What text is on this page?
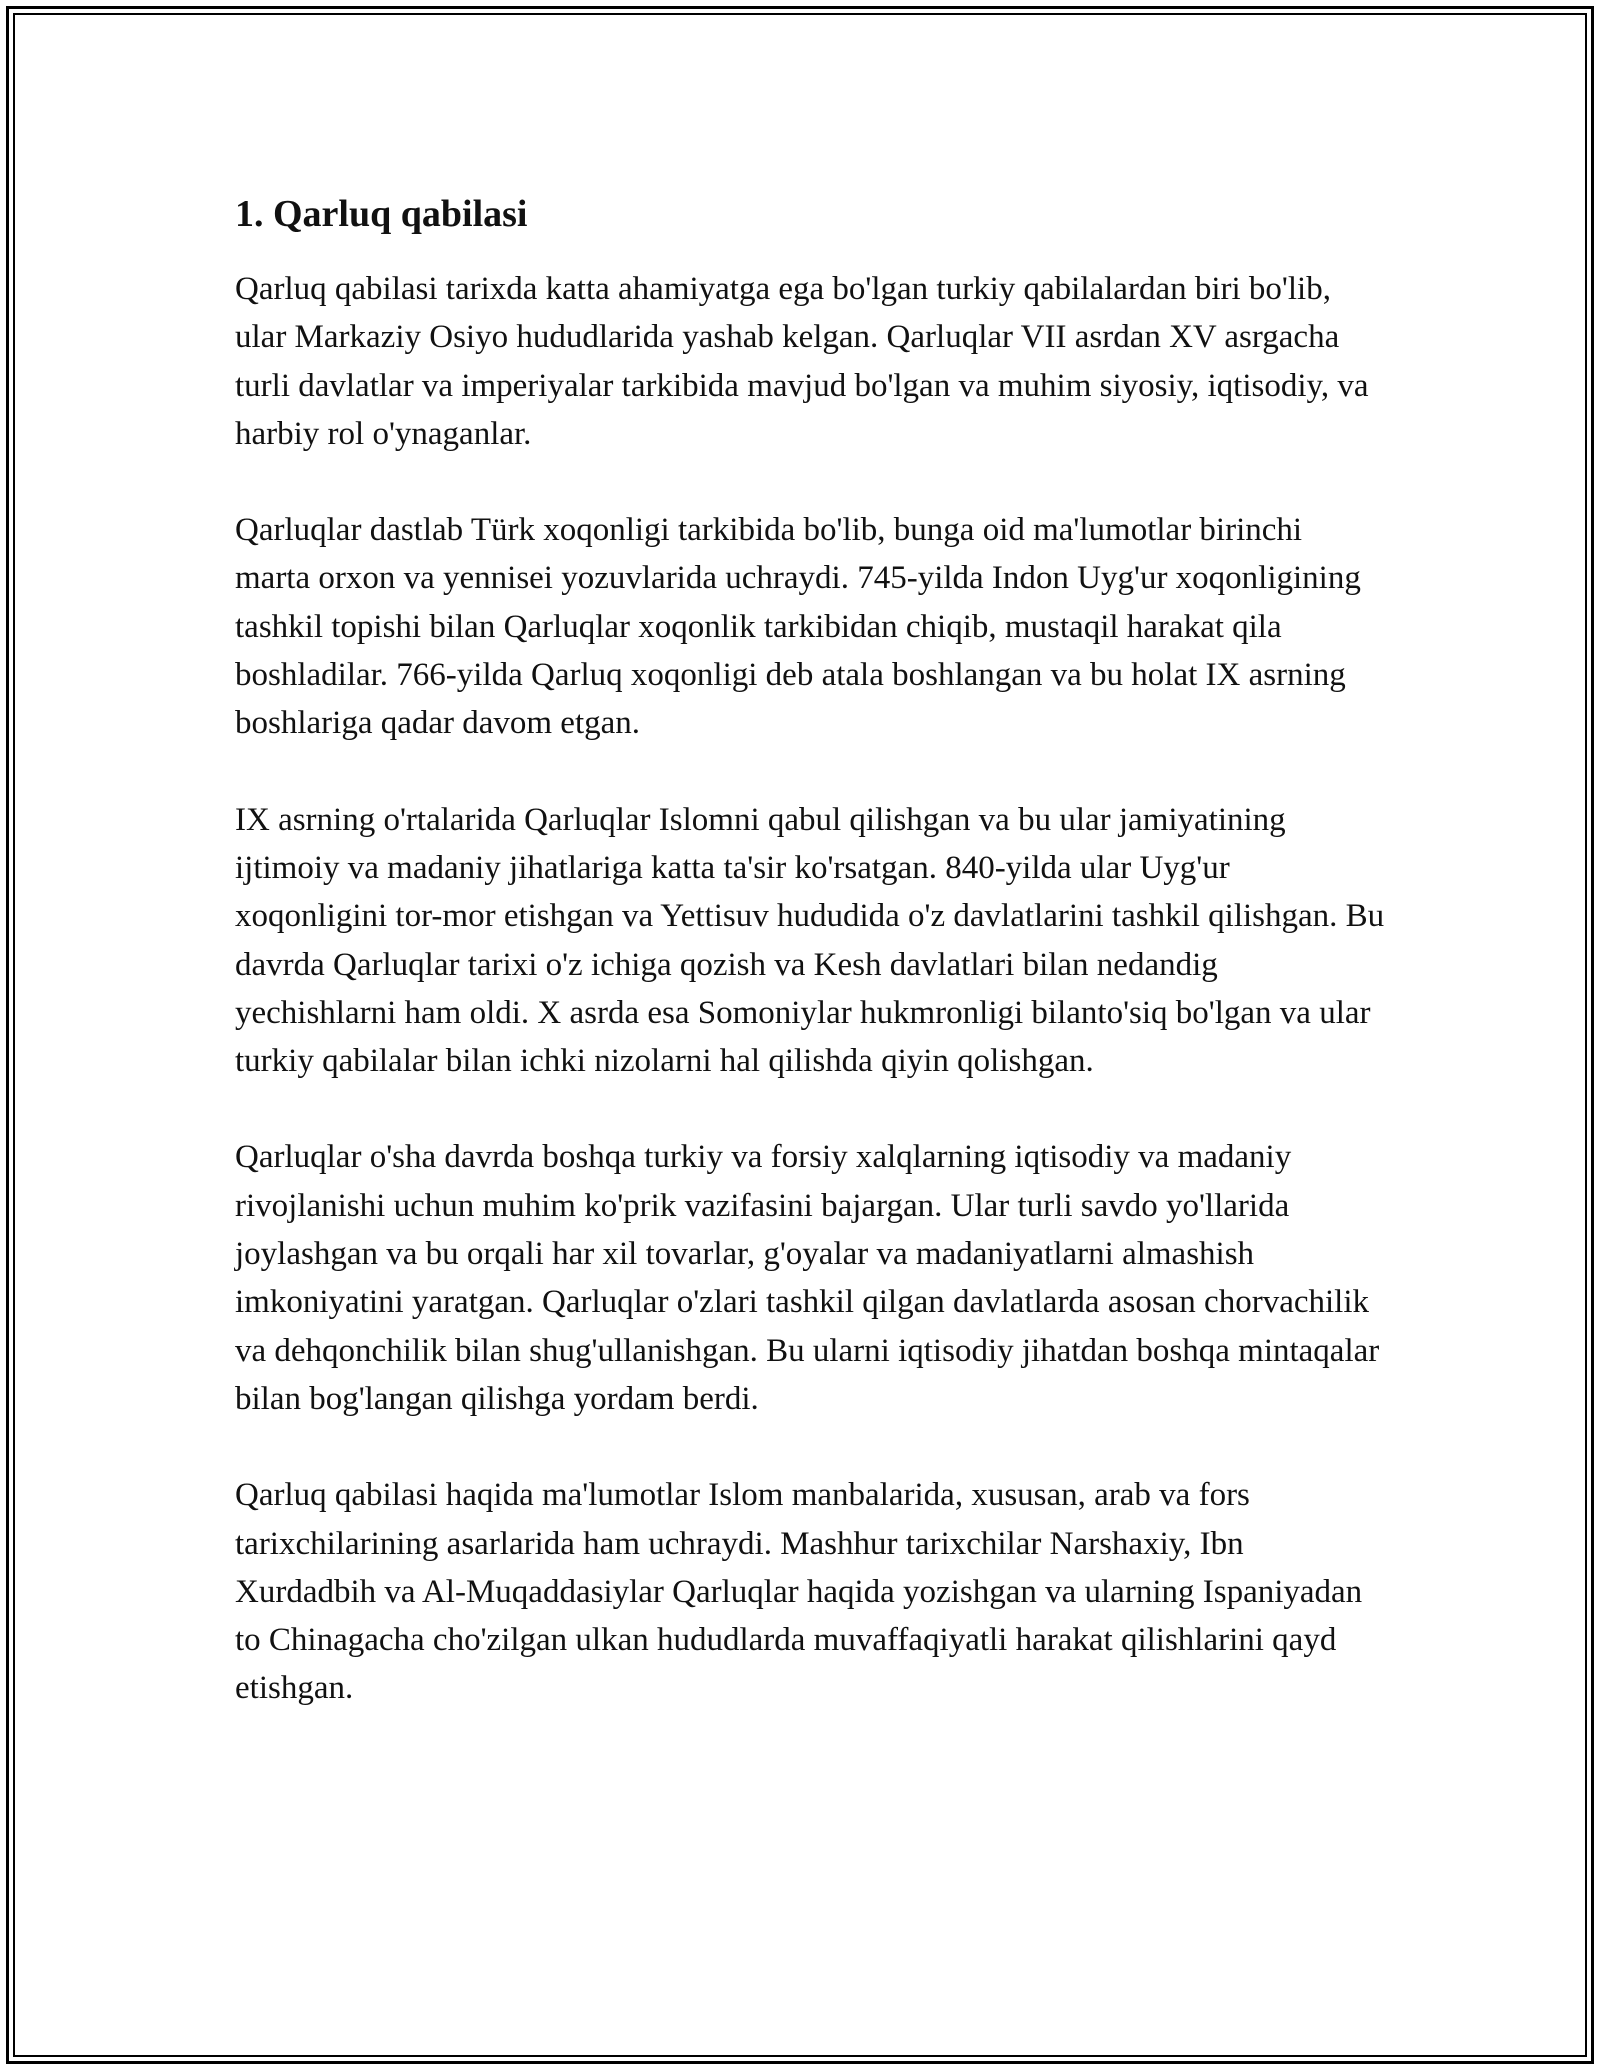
1. Qarluq qabilasi

Qarluq qabilasi tarixda katta ahamiyatga ega bo'lgan turkiy qabilalardan biri bo'lib, ular Markaziy Osiyo hududlarida yashab kelgan. Qarluqlar VII asrdan XV asrgacha turli davlatlar va imperiyalar tarkibida mavjud bo'lgan va muhim siyosiy, iqtisodiy, va harbiy rol o'ynaganlar.

Qarluqlar dastlab Türk xoqonligi tarkibida bo'lib, bunga oid ma'lumotlar birinchi marta orxon va yennisei yozuvlarida uchraydi. 745-yilda Indon Uyg'ur xoqonligining tashkil topishi bilan Qarluqlar xoqonlik tarkibidan chiqib, mustaqil harakat qila boshladilar. 766-yilda Qarluq xoqonligi deb atala boshlangan va bu holat IX asrning boshlariga qadar davom etgan.

IX asrning o'rtalarida Qarluqlar Islomni qabul qilishgan va bu ular jamiyatining ijtimoiy va madaniy jihatlariga katta ta'sir ko'rsatgan. 840-yilda ular Uyg'ur xoqonligini tor-mor etishgan va Yettisuv hududida o'z davlatlarini tashkil qilishgan. Bu davrda Qarluqlar tarixi o'z ichiga qozish va Kesh davlatlari bilan nedandig yechishlarni ham oldi. X asrda esa Somoniylar hukmronligi bilanto'siq bo'lgan va ular turkiy qabilalar bilan ichki nizolarni hal qilishda qiyin qolishgan.

Qarluqlar o'sha davrda boshqa turkiy va forsiy xalqlarning iqtisodiy va madaniy rivojlanishi uchun muhim ko'prik vazifasini bajargan. Ular turli savdo yo'llarida joylashgan va bu orqali har xil tovarlar, g'oyalar va madaniyatlarni almashish imkoniyatini yaratgan. Qarluqlar o'zlari tashkil qilgan davlatlarda asosan chorvachilik va dehqonchilik bilan shug'ullanishgan. Bu ularni iqtisodiy jihatdan boshqa mintaqalar bilan bog'langan qilishga yordam berdi.

Qarluq qabilasi haqida ma'lumotlar Islom manbalarida, xususan, arab va fors tarixchilarining asarlarida ham uchraydi. Mashhur tarixchilar Narshaxiy, Ibn Xurdadbih va Al-Muqaddasiylar Qarluqlar haqida yozishgan va ularning Ispaniyadan to Chinagacha cho'zilgan ulkan hududlarda muvaffaqiyatli harakat qilishlarini qayd etishgan.
